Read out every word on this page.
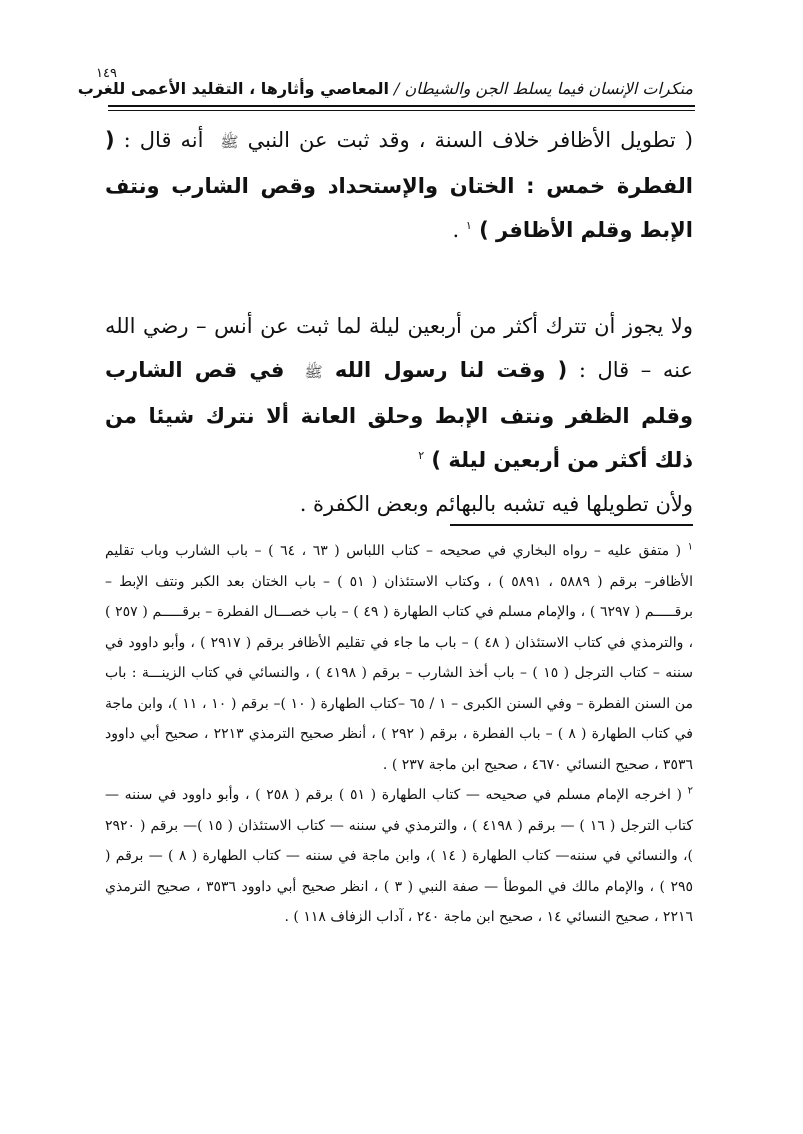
١٤٩
منكرات الإنسان فيما يسلط الجن والشيطان / المعاصي وأثارها ، التقليد الأعمى للغرب
( تطويل الأظافر خلاف السنة ، وقد ثبت عن النبي ﷺ أنه قال : ( الفطرة خمس : الختان والإستحداد وقص الشارب ونتف الإبط وقلم الأظافر ) $^١$ .
ولا يجوز أن تترك أكثر من أربعين ليلة لما ثبت عن أنس – رضي الله عنه – قال : ( وقت لنا رسول الله ﷺ في قص الشارب وقلم الظفر ونتف الإبط وحلق العانة ألا نترك شيئا من ذلك أكثر من أربعين ليلة ) $^٢$
ولأن تطويلها فيه تشبه بالبهائم وبعض الكفرة .

$^١$ ( متفق عليه – رواه البخاري في صحيحه – كتاب اللباس ( ٦٣ ، ٦٤ ) – باب الشارب وباب تقليم الأظافر– برقم ( ٥٨٨٩ ، ٥٨٩١ ) ، وكتاب الاستئذان ( ٥١ ) – باب الختان بعد الكبر ونتف الإبط – برقـــــم ( ٦٢٩٧ ) ، والإمام مسلم في كتاب الطهارة ( ٤٩ ) – باب خصـــال الفطرة – برقـــــم ( ٢٥٧ ) ، والترمذي في كتاب الاستئذان ( ٤٨ ) – باب ما جاء في تقليم الأظافر برقم ( ٢٩١٧ ) ، وأبو داوود في سننه – كتاب الترجل ( ١٥ ) – باب أخذ الشارب – برقم ( ٤١٩٨ ) ، والنسائي في كتاب الزينـــة : باب من السنن الفطرة – وفي السنن الكبرى – ١ / ٦٥ –كتاب الطهارة ( ١٠ )– برقم ( ١٠ ، ١١ )، وابن ماجة في كتاب الطهارة ( ٨ ) – باب الفطرة ، برقم ( ٢٩٢ ) ، أنظر صحيح الترمذي ٢٢١٣ ، صحيح أبي داوود ٣٥٣٦ ، صحيح النسائي ٤٦٧٠ ، صحيح ابن ماجة ٢٣٧ ) .

$^٢$ ( اخرجه الإمام مسلم في صحيحه — كتاب الطهارة ( ٥١ ) برقم ( ٢٥٨ ) ، وأبو داوود في سننه — كتاب الترجل ( ١٦ ) — برقم ( ٤١٩٨ ) ، والترمذي في سننه — كتاب الاستئذان ( ١٥ )— برقم ( ٢٩٢٠ )، والنسائي في سننه— كتاب الطهارة ( ١٤ )، وابن ماجة في سننه — كتاب الطهارة ( ٨ ) — برقم ( ٢٩٥ ) ، والإمام مالك في الموطأ — صفة النبي ( ٣ ) ، انظر صحيح أبي داوود ٣٥٣٦ ، صحيح الترمذي ٢٢١٦ ، صحيح النسائي ١٤ ، صحيح ابن ماجة ٢٤٠ ، آداب الزفاف ١١٨ ) .
